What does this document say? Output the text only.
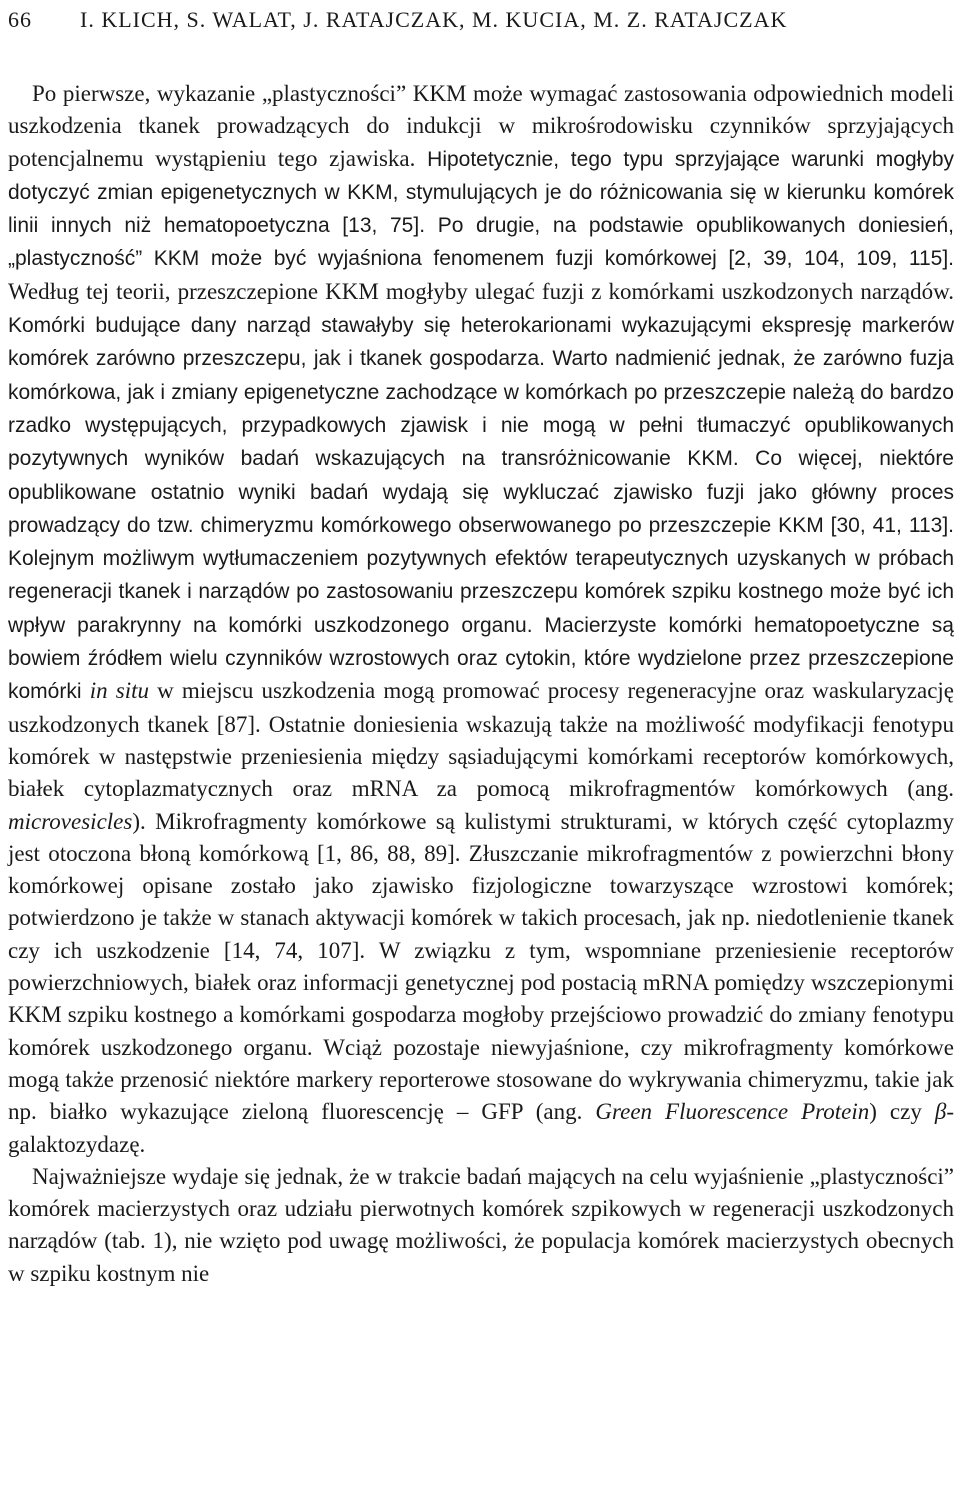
66	I. KLICH, S. WALAT, J. RATAJCZAK, M. KUCIA, M. Z. RATAJCZAK

Po pierwsze, wykazanie „plastyczności” KKM może wymagać zastosowania odpowiednich modeli uszkodzenia tkanek prowadzących do indukcji w mikrośrodowisku czynników sprzyjających potencjalnemu wystąpieniu tego zjawiska. Hipotetycznie, tego typu sprzyjające warunki mogłyby dotyczyć zmian epigenetycznych w KKM, stymulujących je do różnicowania się w kierunku komórek linii innych niż hematopoetyczna [13, 75]. Po drugie, na podstawie opublikowanych doniesień, „plastyczność” KKM może być wyjaśniona fenomenem fuzji komórkowej [2, 39, 104, 109, 115]. Według tej teorii, przeszczepione KKM mogłyby ulegać fuzji z komórkami uszkodzonych narządów. Komórki budujące dany narząd stawałyby się heterokarionami wykazującymi ekspresję markerów komórek zarówno przeszczepu, jak i tkanek gospodarza. Warto nadmienić jednak, że zarówno fuzja komórkowa, jak i zmiany epigenetyczne zachodzące w komórkach po przeszczepie należą do bardzo rzadko występujących, przypadkowych zjawisk i nie mogą w pełni tłumaczyć opublikowanych pozytywnych wyników badań wskazujących na transróżnicowanie KKM. Co więcej, niektóre opublikowane ostatnio wyniki badań wydają się wykluczać zjawisko fuzji jako główny proces prowadzący do tzw. chimeryzmu komórkowego obserwowanego po przeszczepie KKM [30, 41, 113]. Kolejnym możliwym wytłumaczeniem pozytywnych efektów terapeutycznych uzyskanych w próbach regeneracji tkanek i narządów po zastosowaniu przeszczepu komórek szpiku kostnego może być ich wpływ parakrynny na komórki uszkodzonego organu. Macierzyste komórki hematopoetyczne są bowiem źródłem wielu czynników wzrostowych oraz cytokin, które wydzielone przez przeszczepione komórki in situ w miejscu uszkodzenia mogą promować procesy regeneracyjne oraz waskularyzację uszkodzonych tkanek [87]. Ostatnie doniesienia wskazują także na możliwość modyfikacji fenotypu komórek w następstwie przeniesienia między sąsiadującymi komórkami receptorów komórkowych, białek cytoplazmatycznych oraz mRNA za pomocą mikrofragmentów komórkowych (ang. microvesicles). Mikrofragmenty komórkowe są kulistymi strukturami, w których część cytoplazmy jest otoczona błoną komórkową [1, 86, 88, 89]. Złuszczanie mikrofragmentów z powierzchni błony komórkowej opisane zostało jako zjawisko fizjologiczne towarzyszące wzrostowi komórek; potwierdzono je także w stanach aktywacji komórek w takich procesach, jak np. niedotlenienie tkanek czy ich uszkodzenie [14, 74, 107]. W związku z tym, wspomniane przeniesienie receptorów powierzchniowych, białek oraz informacji genetycznej pod postacią mRNA pomiędzy wszczepionymi KKM szpiku kostnego a komórkami gospodarza mogłoby przejściowo prowadzić do zmiany fenotypu komórek uszkodzonego organu. Wciąż pozostaje niewyjaśnione, czy mikrofragmenty komórkowe mogą także przenosić niektóre markery reporterowe stosowane do wykrywania chimeryzmu, takie jak np. białko wykazujące zieloną fluorescencję – GFP (ang. Green Fluorescence Protein) czy β-galaktozydazę.

Najważniejsze wydaje się jednak, że w trakcie badań mających na celu wyjaśnienie „plastyczności” komórek macierzystych oraz udziału pierwotnych komórek szpikowych w regeneracji uszkodzonych narządów (tab. 1), nie wzięto pod uwagę możliwości, że populacja komórek macierzystych obecnych w szpiku kostnym nie
